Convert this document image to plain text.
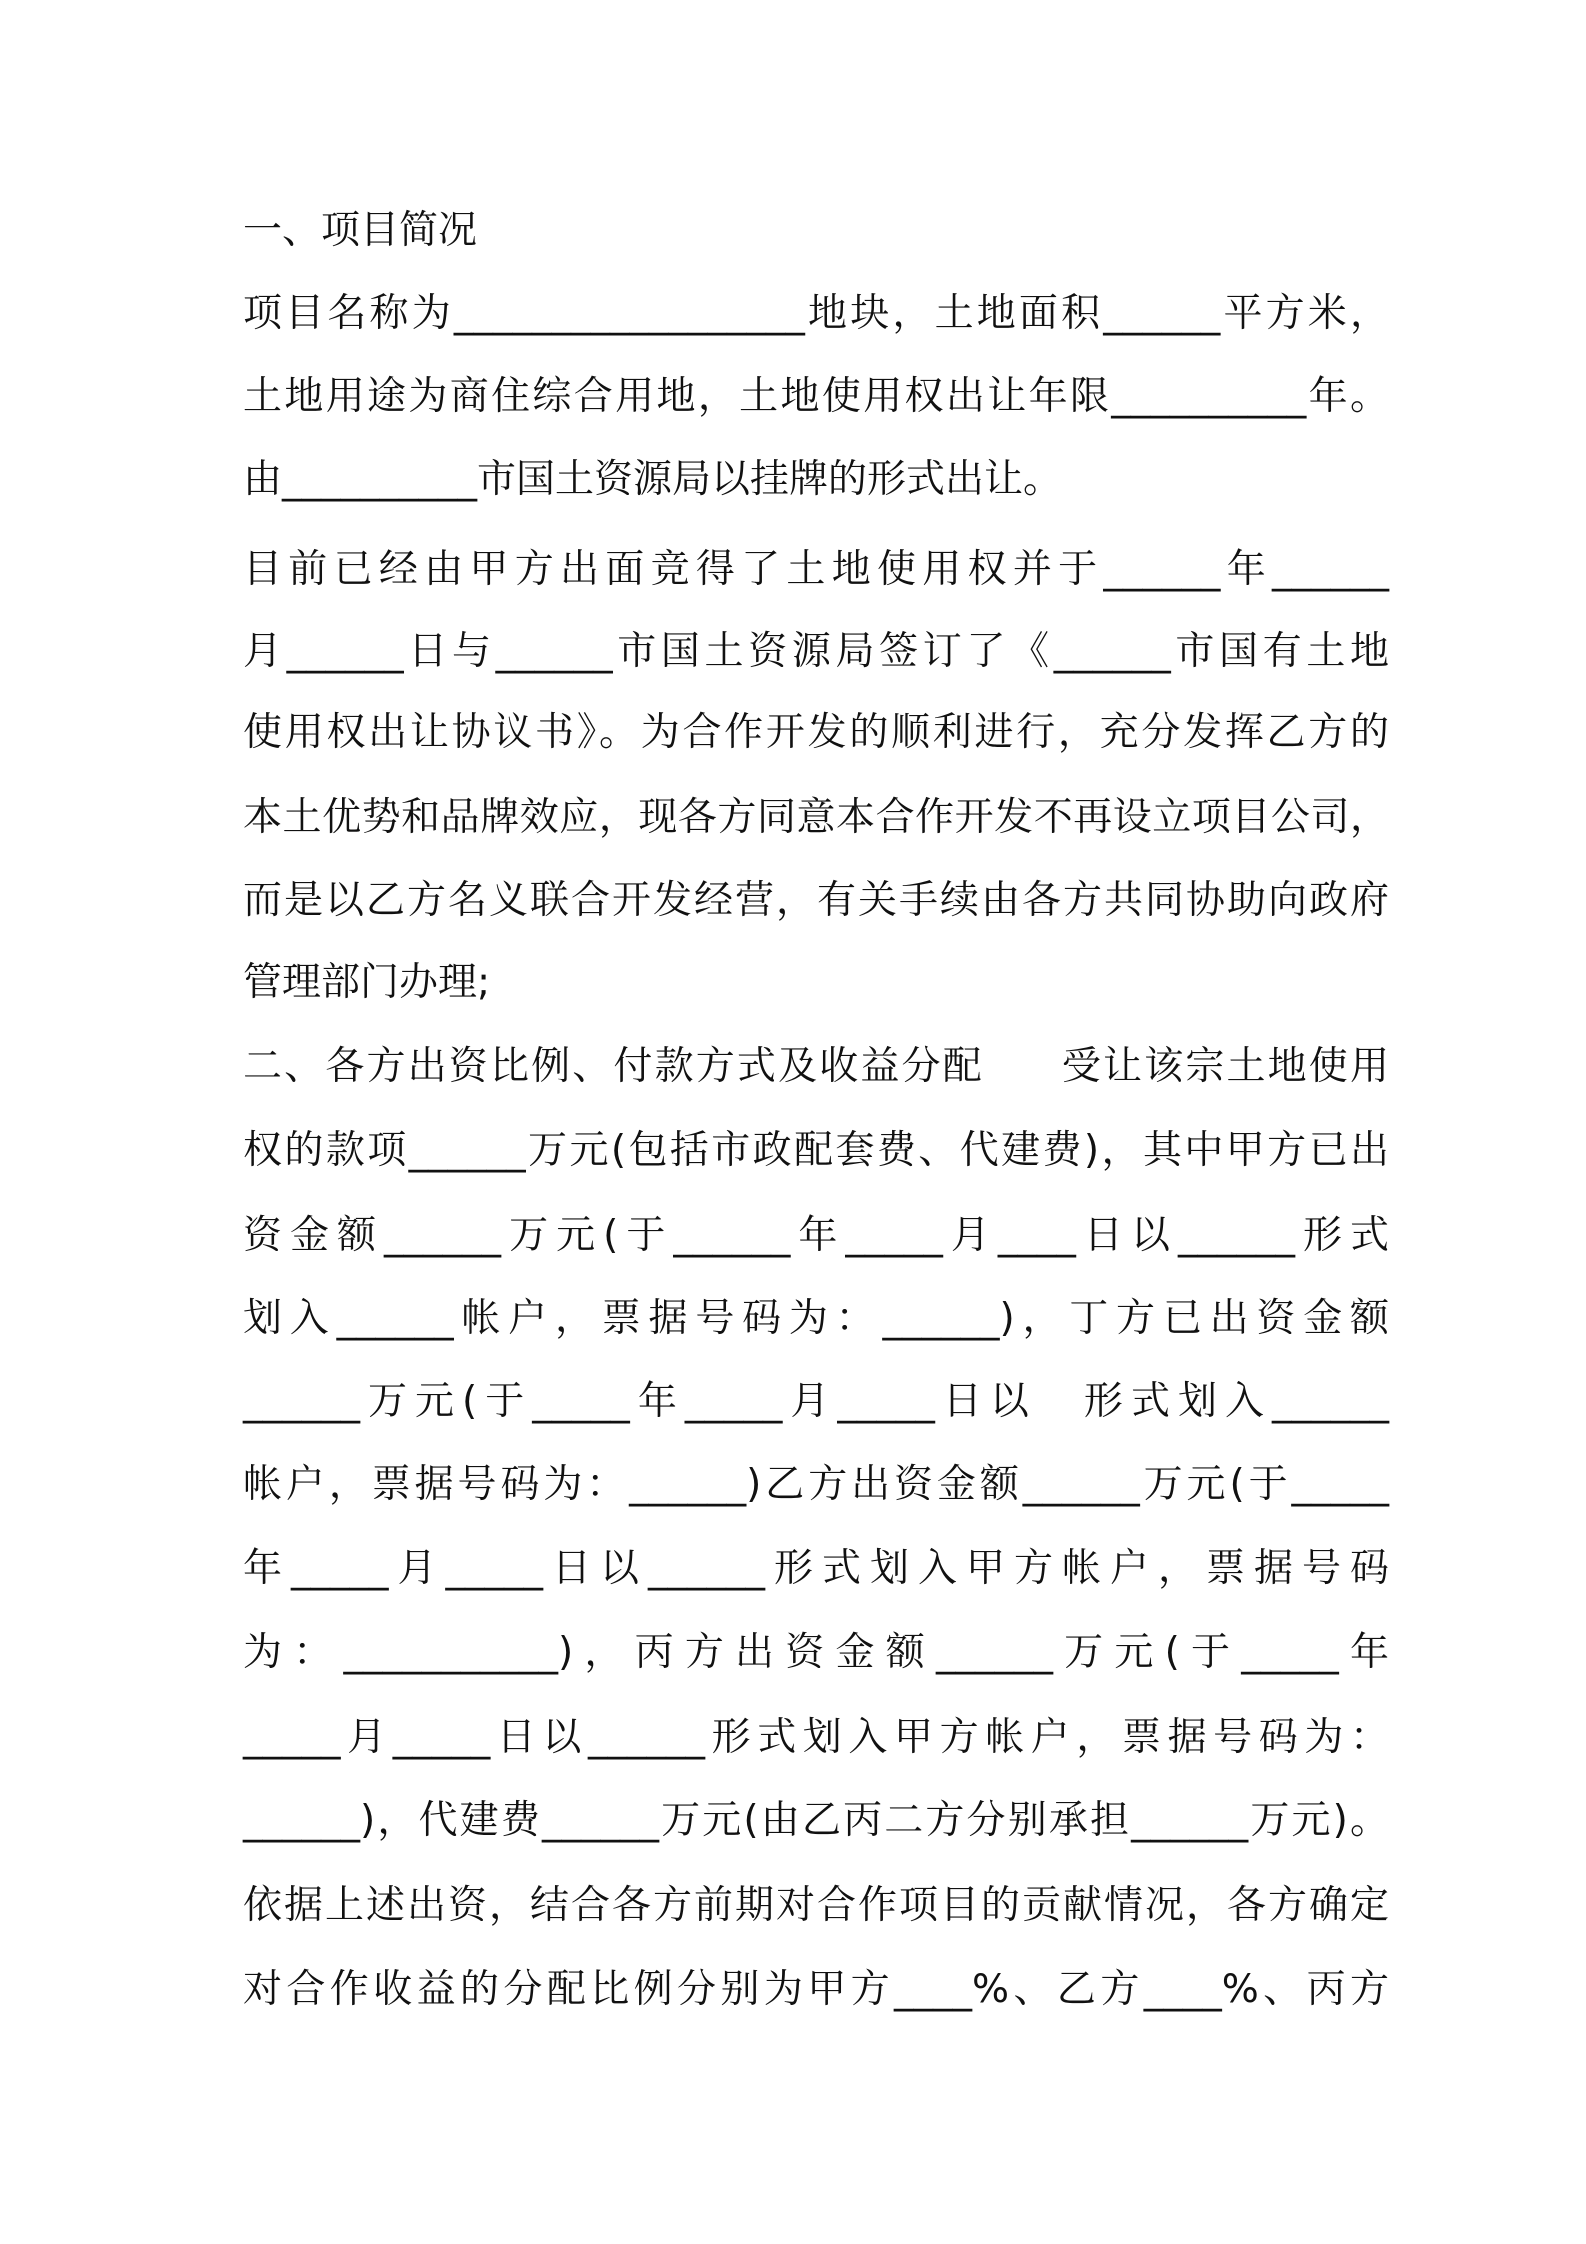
一、项目简况
项目名称为__________________地块，土地面积______平方米，
土地用途为商住综合用地，土地使用权出让年限__________年。
由__________市国土资源局以挂牌的形式出让。
目前已经由甲方出面竞得了土地使用权并于______年______
月______日与______市国土资源局签订了《______市国有土地
使用权出让协议书》。为合作开发的顺利进行，充分发挥乙方的
本土优势和品牌效应，现各方同意本合作开发不再设立项目公司，
而是以乙方名义联合开发经营，有关手续由各方共同协助向政府
管理部门办理;
二、各方出资比例、付款方式及收益分配 受让该宗土地使用
权的款项______万元(包括市政配套费、代建费)，其中甲方已出
资金额______万元(于______年_____月____日以______形式
划入______帐户，票据号码为：______)，丁方已出资金额
______万元(于_____年_____月_____日以　形式划入______
帐户，票据号码为：______)乙方出资金额______万元(于_____
年_____月_____日以______形式划入甲方帐户，票据号码
为：___________)，丙方出资金额______万元(于_____年
_____月_____日以______形式划入甲方帐户，票据号码为：
______)，代建费______万元(由乙丙二方分别承担______万元)。
依据上述出资，结合各方前期对合作项目的贡献情况，各方确定
对合作收益的分配比例分别为甲方____%、乙方____%、丙方
